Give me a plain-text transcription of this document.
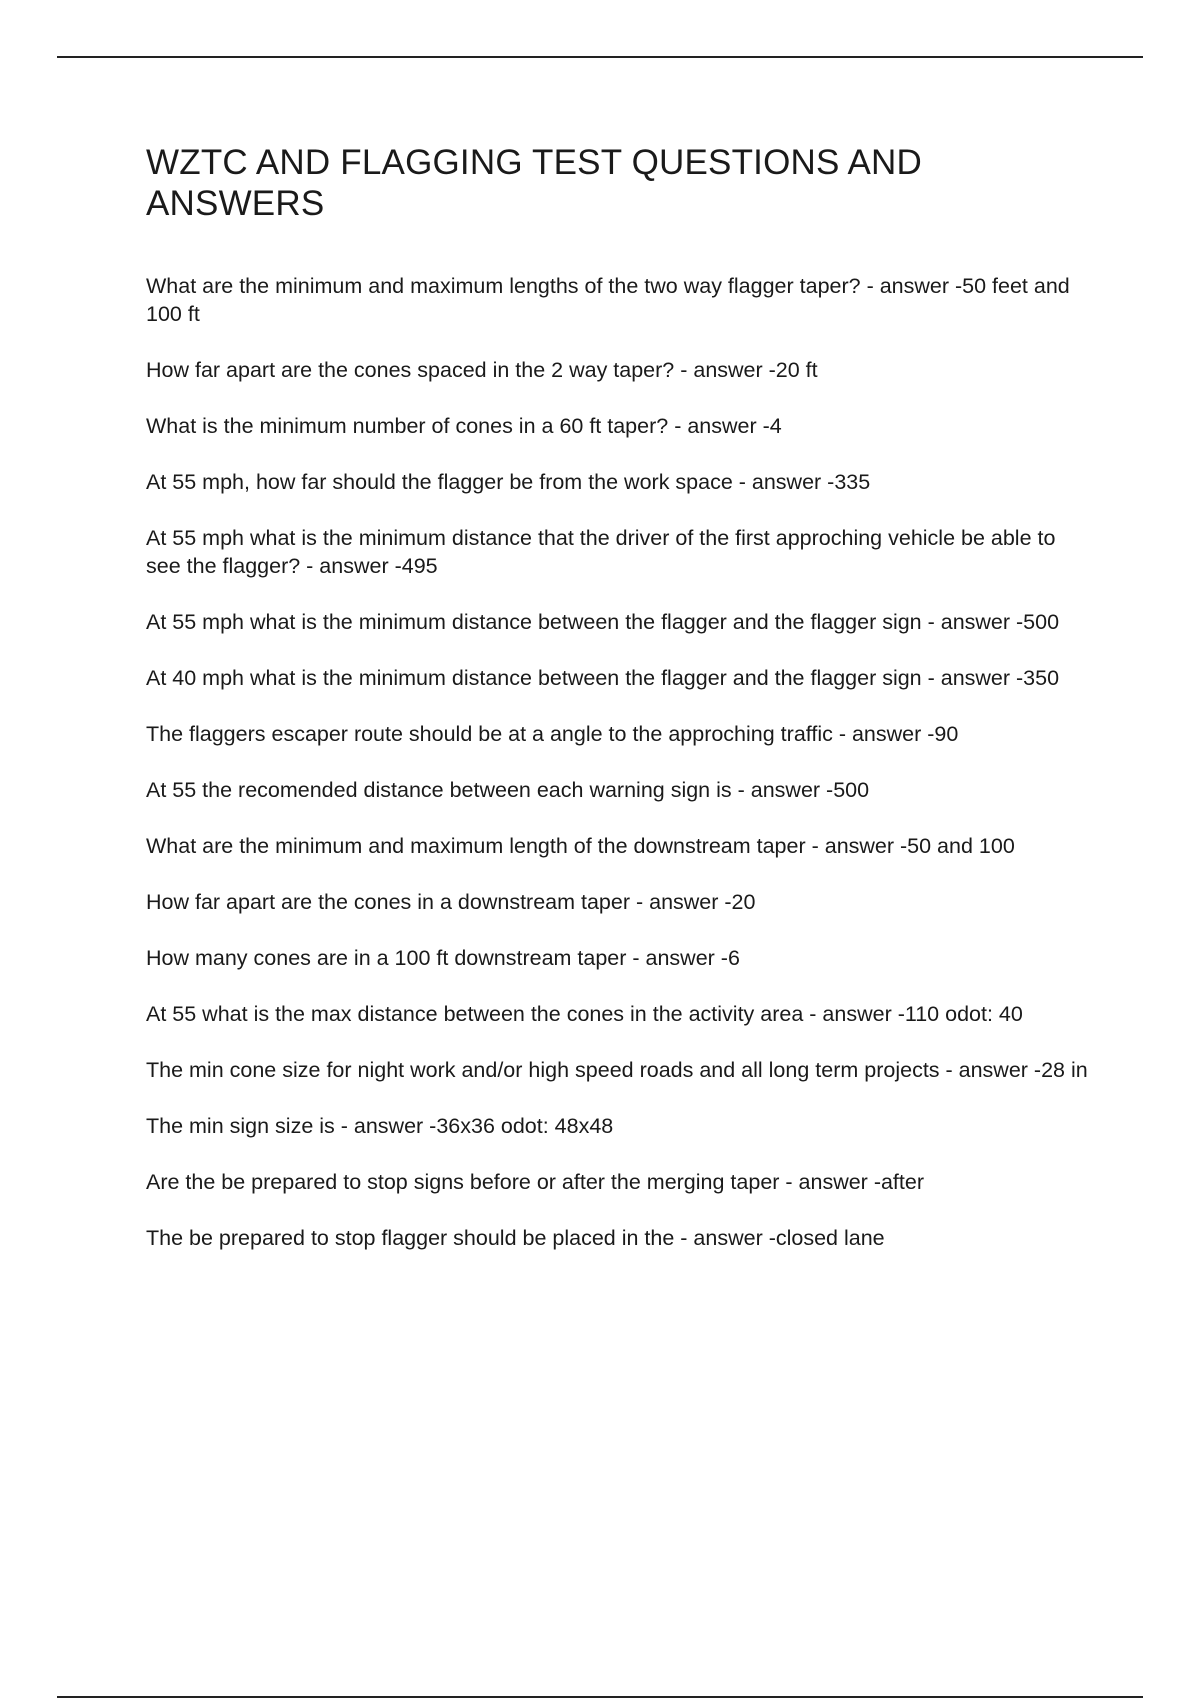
WZTC AND FLAGGING TEST QUESTIONS AND ANSWERS
What are the minimum and maximum lengths of the two way flagger taper? - answer -50 feet and 100 ft
How far apart are the cones spaced in the 2 way taper? - answer -20 ft
What is the minimum number of cones in a 60 ft taper? - answer -4
At 55 mph, how far should the flagger be from the work space - answer -335
At 55 mph what is the minimum distance that the driver of the first approching vehicle be able to see the flagger? - answer -495
At 55 mph what is the minimum distance between the flagger and the flagger sign - answer -500
At 40 mph what is the minimum distance between the flagger and the flagger sign - answer -350
The flaggers escaper route should be at a angle to the approching traffic - answer -90
At 55 the recomended distance between each warning sign is - answer -500
What are the minimum and maximum length of the downstream taper - answer -50 and 100
How far apart are the cones in a downstream taper - answer -20
How many cones are in a 100 ft downstream taper - answer -6
At 55 what is the max distance between the cones in the activity area - answer -110 odot: 40
The min cone size for night work and/or high speed roads and all long term projects - answer -28 in
The min sign size is - answer -36x36 odot: 48x48
Are the be prepared to stop signs before or after the merging taper - answer -after
The be prepared to stop flagger should be placed in the - answer -closed lane
